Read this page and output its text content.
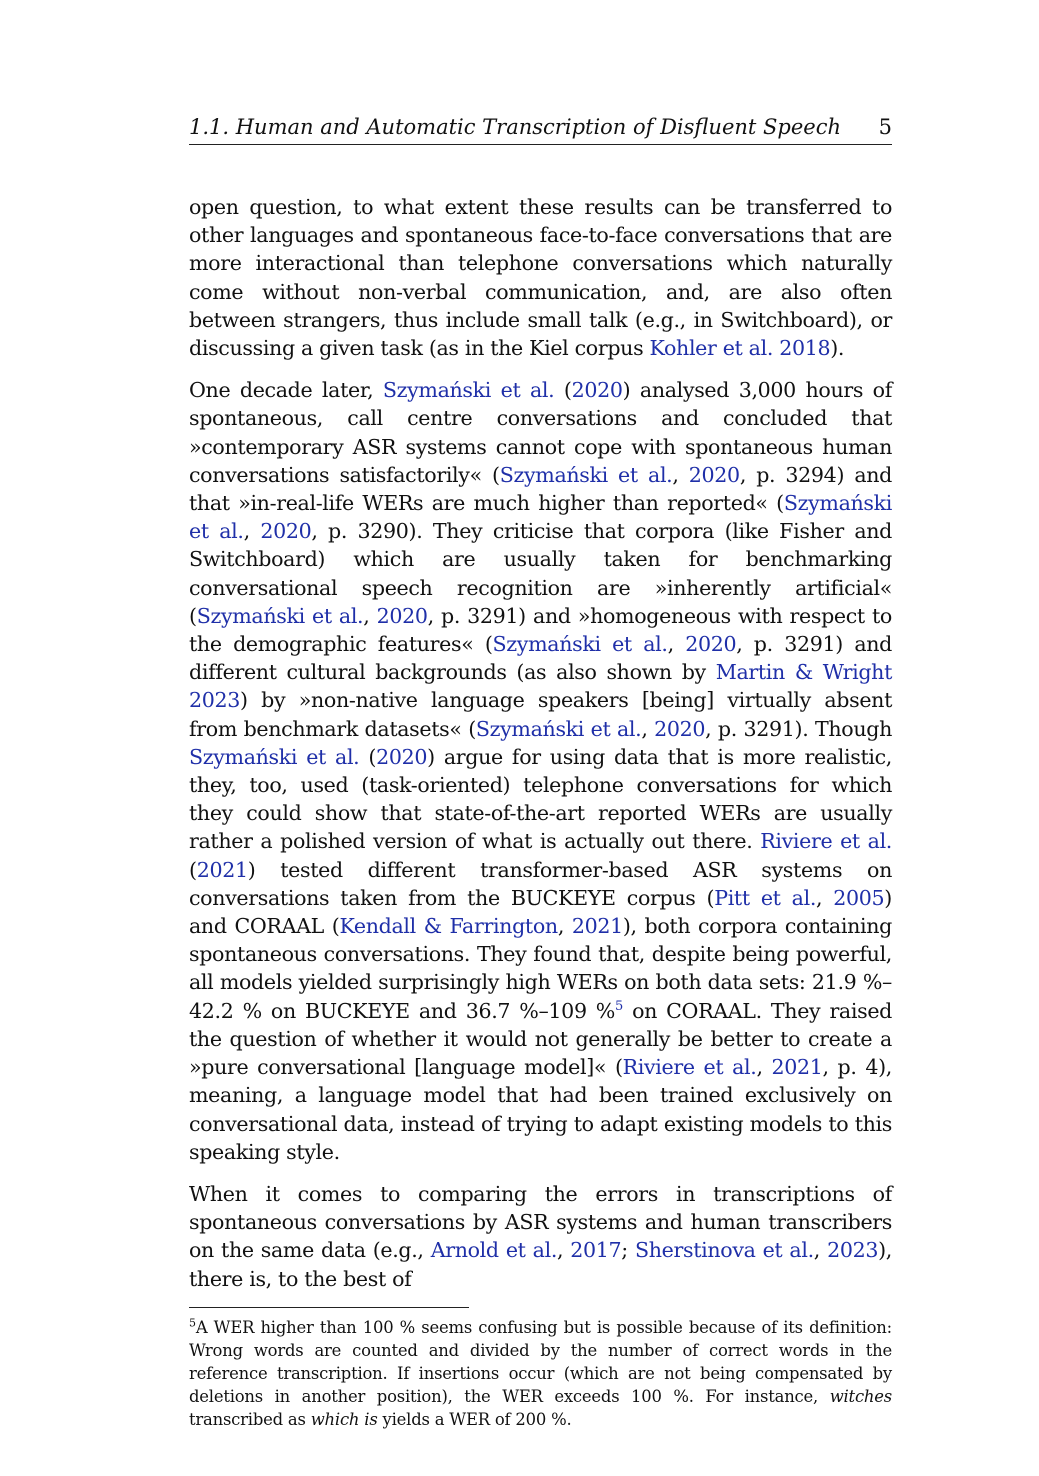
1.1. Human and Automatic Transcription of Disfluent Speech 5

open question, to what extent these results can be transferred to other languages and spontaneous face-to-face conversations that are more interactional than telephone conversations which naturally come without non-verbal communication, and, are also often between strangers, thus include small talk (e.g., in Switchboard), or discussing a given task (as in the Kiel corpus Kohler et al. 2018).

One decade later, Szymański et al. (2020) analysed 3,000 hours of spontaneous, call centre conversations and concluded that »contemporary ASR systems cannot cope with spontaneous human conversations satisfactorily« (Szymański et al., 2020, p. 3294) and that »in-real-life WERs are much higher than reported« (Szymański et al., 2020, p. 3290). They criticise that corpora (like Fisher and Switchboard) which are usually taken for benchmarking conversational speech recognition are »inherently artificial« (Szymański et al., 2020, p. 3291) and »homogeneous with respect to the demographic features« (Szymański et al., 2020, p. 3291) and different cultural backgrounds (as also shown by Martin & Wright 2023) by »non-native language speakers [being] virtually absent from benchmark datasets« (Szymański et al., 2020, p. 3291). Though Szymański et al. (2020) argue for using data that is more realistic, they, too, used (task-oriented) telephone conversations for which they could show that state-of-the-art reported WERs are usually rather a polished version of what is actually out there. Riviere et al. (2021) tested different transformer-based ASR systems on conversations taken from the BUCKEYE corpus (Pitt et al., 2005) and CORAAL (Kendall & Farrington, 2021), both corpora containing spontaneous conversations. They found that, despite being powerful, all models yielded surprisingly high WERs on both data sets: 21.9 %–42.2 % on BUCKEYE and 36.7 %–109 %$^5$ on CORAAL. They raised the question of whether it would not generally be better to create a »pure conversational [language model]« (Riviere et al., 2021, p. 4), meaning, a language model that had been trained exclusively on conversational data, instead of trying to adapt existing models to this speaking style.

When it comes to comparing the errors in transcriptions of spontaneous conversations by ASR systems and human transcribers on the same data (e.g., Arnold et al., 2017; Sherstinova et al., 2023), there is, to the best of

$^5$A WER higher than 100 % seems confusing but is possible because of its definition: Wrong words are counted and divided by the number of correct words in the reference transcription. If insertions occur (which are not being compensated by deletions in another position), the WER exceeds 100 %. For instance, witches transcribed as which is yields a WER of 200 %.
